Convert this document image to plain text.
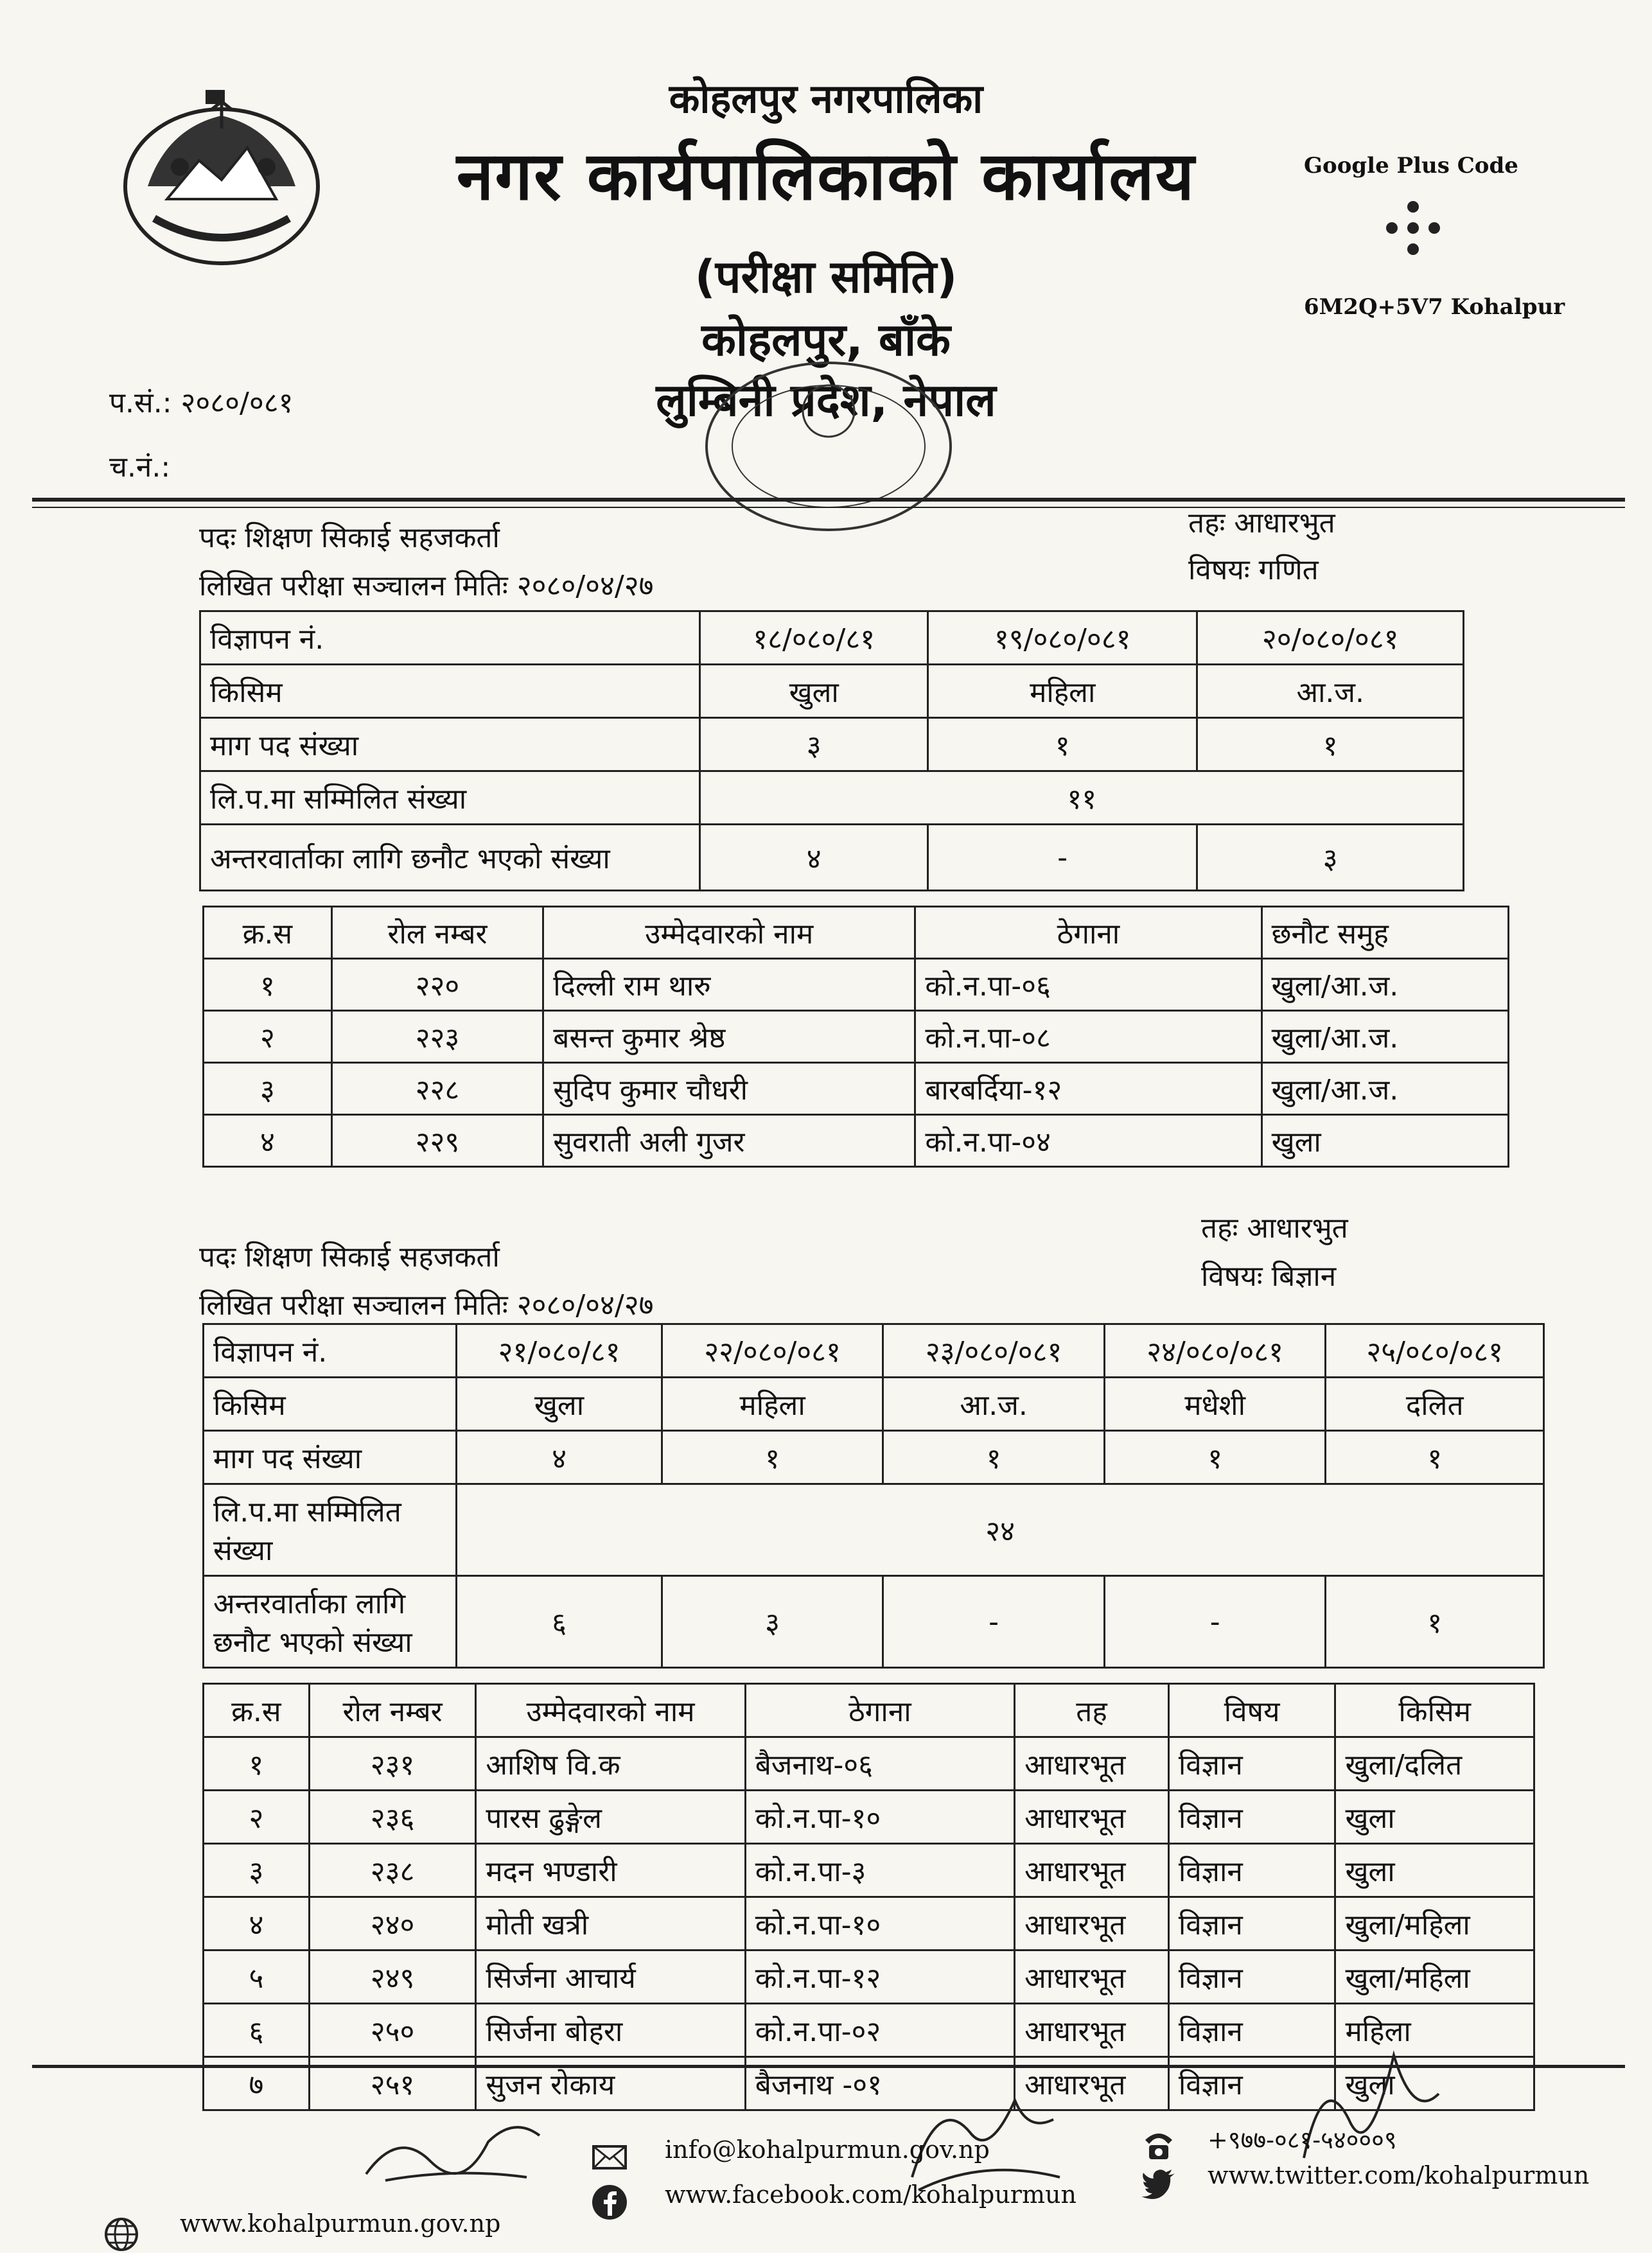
कोहलपुर नगरपालिका
नगर कार्यपालिकाको कार्यालय
(परीक्षा समिति)
कोहलपुर, बाँके
लुम्बिनी प्रदेश, नेपाल
Google Plus Code
6M2Q+5V7 Kohalpur
प.सं.: २०८०/०८१
च.नं.:
पदः शिक्षण सिकाई सहजकर्ता	तहः आधारभुत
विषयः गणित
लिखित परीक्षा सञ्चालन मितिः २०८०/०४/२७
विज्ञापन नं.	१८/०८०/८१	१९/०८०/०८१	२०/०८०/०८१
किसिम	खुला	महिला	आ.ज.
माग पद संख्या	३	१	१
लि.प.मा सम्मिलित संख्या	११		
अन्तरवार्ताका लागि छनौट भएको संख्या	४	-	३
क्र.स	रोल नम्बर	उम्मेदवारको नाम	ठेगाना	छनौट समुह
१	२२०	दिल्ली राम थारु	को.न.पा-०६	खुला/आ.ज.
२	२२३	बसन्त कुमार श्रेष्ठ	को.न.पा-०८	खुला/आ.ज.
३	२२८	सुदिप कुमार चौधरी	बारबर्दिया-१२	खुला/आ.ज.
४	२२९	सुवराती अली गुजर	को.न.पा-०४	खुला
पदः शिक्षण सिकाई सहजकर्ता
तहः आधारभुत
विषयः बिज्ञान
लिखित परीक्षा सञ्चालन मितिः २०८०/०४/२७
विज्ञापन नं.	२१/०८०/८१	२२/०८०/०८१	२३/०८०/०८१	२४/०८०/०८१	२५/०८०/०८१
किसिम	खुला	महिला	आ.ज.	मधेशी	दलित
माग पद संख्या	४	१	१	१	१
लि.प.मा सम्मिलित संख्या	२४				
अन्तरवार्ताका लागि छनौट भएको संख्या	६	३	-	-	१
क्र.स	रोल नम्बर	उम्मेदवारको नाम	ठेगाना	तह	विषय	किसिम
१	२३१	आशिष वि.क	बैजनाथ-०६	आधारभूत	विज्ञान	खुला/दलित
२	२३६	पारस ढुङ्गेल	को.न.पा-१०	आधारभूत	विज्ञान	खुला
३	२३८	मदन भण्डारी	को.न.पा-३	आधारभूत	विज्ञान	खुला
४	२४०	मोती खत्री	को.न.पा-१०	आधारभूत	विज्ञान	खुला/महिला
५	२४९	सिर्जना आचार्य	को.न.पा-१२	आधारभूत	विज्ञान	खुला/महिला
६	२५०	सिर्जना बोहरा	को.न.पा-०२	आधारभूत	विज्ञान	महिला
७	२५१	सुजन रोकाय	बैजनाथ -०१	आधारभूत	विज्ञान	खुला
info@kohalpurmun.gov.np
www.facebook.com/kohalpurmun
+९७७-०८१-५४०००९
www.twitter.com/kohalpurmun
www.kohalpurmun.gov.np
